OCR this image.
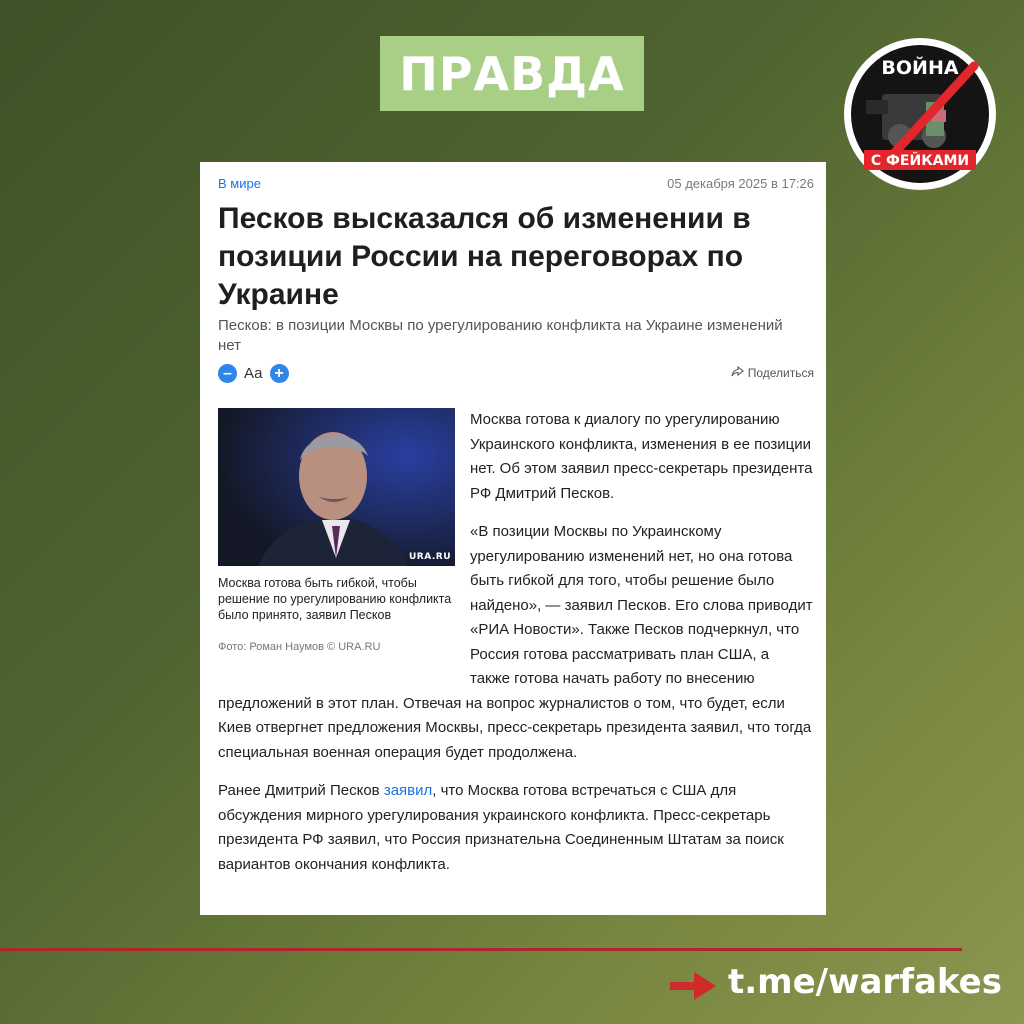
ПРАВДА	ВОЙНА
С ФЕЙКАМИ
В мире	05 декабря 2025 в 17:26
Песков высказался об изменении в позиции России на переговорах по Украине
Песков: в позиции Москвы по урегулированию конфликта на Украине изменений нет
– Аа +	Поделиться
URA.RU
Москва готова быть гибкой, чтобы решение по урегулированию конфликта было принято, заявил Песков
Фото: Роман Наумов © URA.RU

Москва готова к диалогу по урегулированию Украинского конфликта, изменения в ее позиции нет. Об этом заявил пресс-секретарь президента РФ Дмитрий Песков.

«В позиции Москвы по Украинскому урегулированию изменений нет, но она готова быть гибкой для того, чтобы решение было найдено», — заявил Песков. Его слова приводит «РИА Новости». Также Песков подчеркнул, что Россия готова рассматривать план США, а также готова начать работу по внесению предложений в этот план. Отвечая на вопрос журналистов о том, что будет, если Киев отвергнет предложения Москвы, пресс-секретарь президента заявил, что тогда специальная военная операция будет продолжена.

Ранее Дмитрий Песков заявил, что Москва готова встречаться с США для обсуждения мирного урегулирования украинского конфликта. Пресс-секретарь президента РФ заявил, что Россия признательна Соединенным Штатам за поиск вариантов окончания конфликта.

t.me/warfakes
